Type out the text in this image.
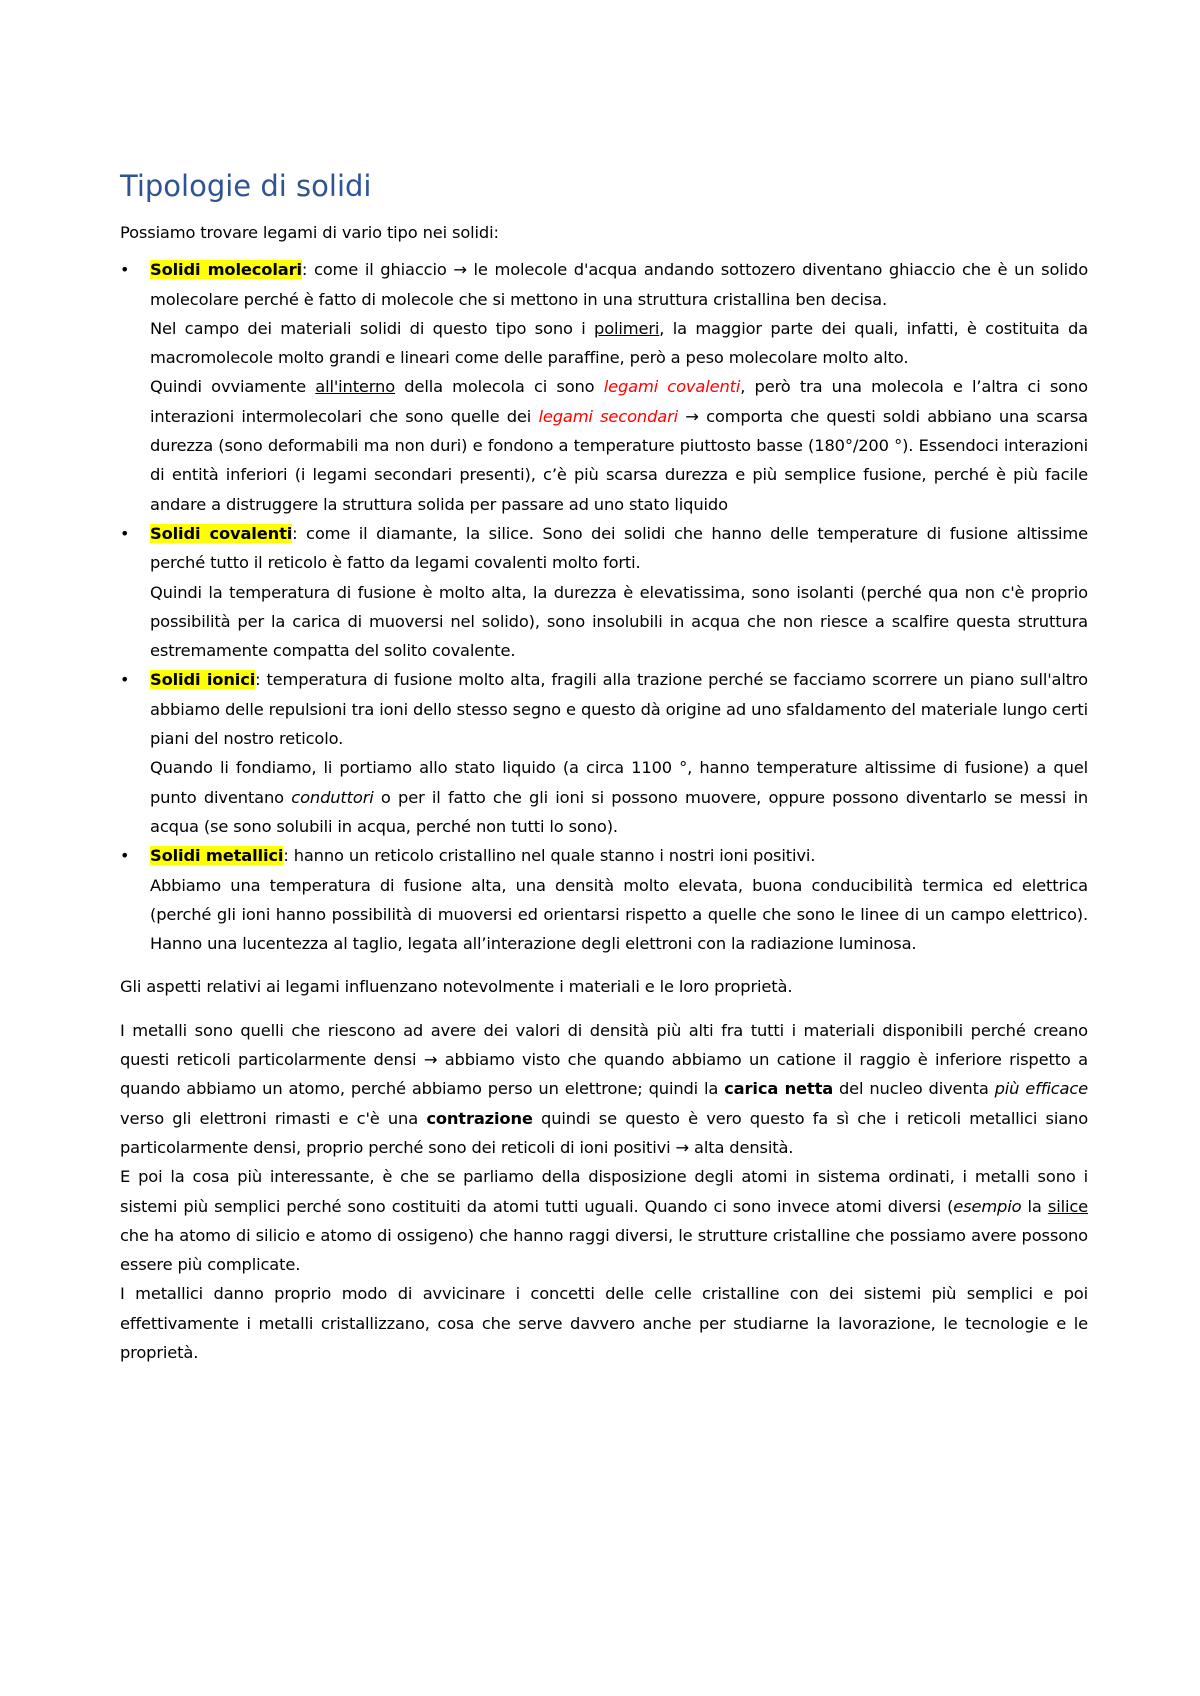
Tipologie di solidi

Possiamo trovare legami di vario tipo nei solidi:

• Solidi molecolari: come il ghiaccio → le molecole d'acqua andando sottozero diventano ghiaccio che è un solido molecolare perché è fatto di molecole che si mettono in una struttura cristallina ben decisa.

Nel campo dei materiali solidi di questo tipo sono i polimeri, la maggior parte dei quali, infatti, è costituita da macromolecole molto grandi e lineari come delle paraffine, però a peso molecolare molto alto.

Quindi ovviamente all'interno della molecola ci sono legami covalenti, però tra una molecola e l’altra ci sono interazioni intermolecolari che sono quelle dei legami secondari → comporta che questi soldi abbiano una scarsa durezza (sono deformabili ma non duri) e fondono a temperature piuttosto basse (180°/200 °). Essendoci interazioni di entità inferiori (i legami secondari presenti), c’è più scarsa durezza e più semplice fusione, perché è più facile andare a distruggere la struttura solida per passare ad uno stato liquido

• Solidi covalenti: come il diamante, la silice. Sono dei solidi che hanno delle temperature di fusione altissime perché tutto il reticolo è fatto da legami covalenti molto forti.

Quindi la temperatura di fusione è molto alta, la durezza è elevatissima, sono isolanti (perché qua non c'è proprio possibilità per la carica di muoversi nel solido), sono insolubili in acqua che non riesce a scalfire questa struttura estremamente compatta del solito covalente.

• Solidi ionici: temperatura di fusione molto alta, fragili alla trazione perché se facciamo scorrere un piano sull'altro abbiamo delle repulsioni tra ioni dello stesso segno e questo dà origine ad uno sfaldamento del materiale lungo certi piani del nostro reticolo.

Quando li fondiamo, li portiamo allo stato liquido (a circa 1100 °, hanno temperature altissime di fusione) a quel punto diventano conduttori o per il fatto che gli ioni si possono muovere, oppure possono diventarlo se messi in acqua (se sono solubili in acqua, perché non tutti lo sono).

• Solidi metallici: hanno un reticolo cristallino nel quale stanno i nostri ioni positivi.

Abbiamo una temperatura di fusione alta, una densità molto elevata, buona conducibilità termica ed elettrica (perché gli ioni hanno possibilità di muoversi ed orientarsi rispetto a quelle che sono le linee di un campo elettrico). Hanno una lucentezza al taglio, legata all’interazione degli elettroni con la radiazione luminosa.

Gli aspetti relativi ai legami influenzano notevolmente i materiali e le loro proprietà.

I metalli sono quelli che riescono ad avere dei valori di densità più alti fra tutti i materiali disponibili perché creano questi reticoli particolarmente densi → abbiamo visto che quando abbiamo un catione il raggio è inferiore rispetto a quando abbiamo un atomo, perché abbiamo perso un elettrone; quindi la carica netta del nucleo diventa più efficace verso gli elettroni rimasti e c'è una contrazione quindi se questo è vero questo fa sì che i reticoli metallici siano particolarmente densi, proprio perché sono dei reticoli di ioni positivi → alta densità.

E poi la cosa più interessante, è che se parliamo della disposizione degli atomi in sistema ordinati, i metalli sono i sistemi più semplici perché sono costituiti da atomi tutti uguali. Quando ci sono invece atomi diversi (esempio la silice che ha atomo di silicio e atomo di ossigeno) che hanno raggi diversi, le strutture cristalline che possiamo avere possono essere più complicate.

I metallici danno proprio modo di avvicinare i concetti delle celle cristalline con dei sistemi più semplici e poi effettivamente i metalli cristallizzano, cosa che serve davvero anche per studiarne la lavorazione, le tecnologie e le proprietà.
